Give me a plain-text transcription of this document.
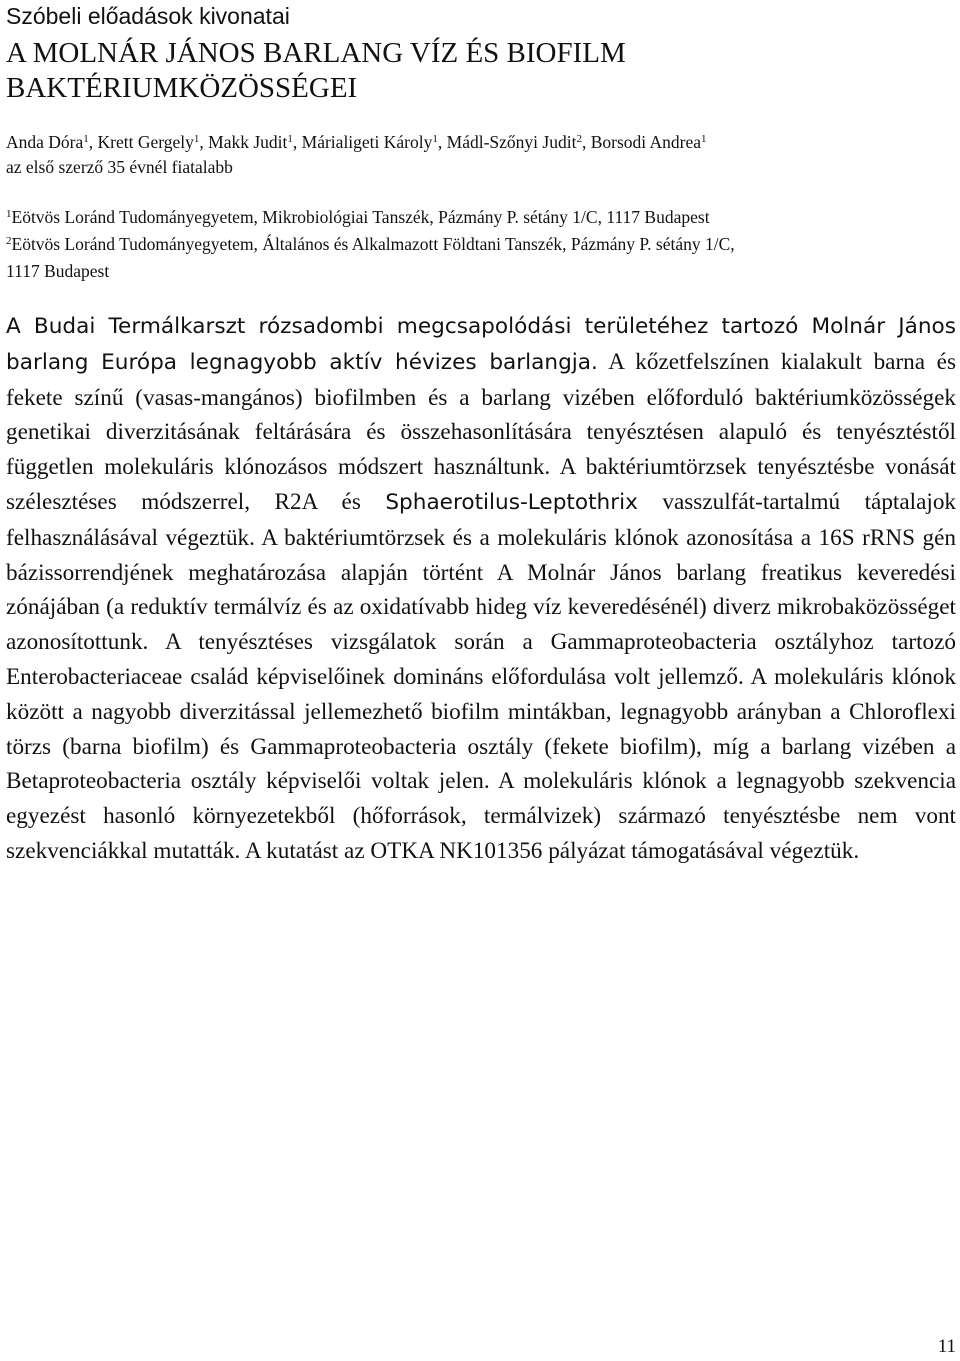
Szóbeli előadások kivonatai
A MOLNÁR JÁNOS BARLANG VÍZ ÉS BIOFILM
BAKTÉRIUMKÖZÖSSÉGEI
Anda Dóra$^1$, Krett Gergely$^1$, Makk Judit$^1$, Márialigeti Károly$^1$, Mádl-Szőnyi Judit$^2$, Borsodi Andrea$^1$
az első szerző 35 évnél fiatalabb
$^1$Eötvös Loránd Tudományegyetem, Mikrobiológiai Tanszék, Pázmány P. sétány 1/C, 1117 Budapest
$^2$Eötvös Loránd Tudományegyetem, Általános és Alkalmazott Földtani Tanszék, Pázmány P. sétány 1/C,
1117 Budapest
A Budai Termálkarszt rózsadombi megcsapolódási területéhez tartozó Molnár János barlang Európa legnagyobb aktív hévizes barlangja. A kőzetfelszínen kialakult barna és fekete színű (vasas-mangános) biofilmben és a barlang vizében előforduló baktériumközösségek genetikai diverzitásának feltárására és összehasonlítására tenyésztésen alapuló és tenyésztéstől független molekuláris klónozásos módszert használtunk. A baktériumtörzsek tenyésztésbe vonását szélesztéses módszerrel, R2A és Sphaerotilus-Leptothrix vasszulfát-tartalmú táptalajok felhasználásával végeztük. A baktériumtörzsek és a molekuláris klónok azonosítása a 16S rRNS gén bázissorrendjének meghatározása alapján történt A Molnár János barlang freatikus keveredési zónájában (a reduktív termálvíz és az oxidatívabb hideg víz keveredésénél) diverz mikrobaközösséget azonosítottunk. A tenyésztéses vizsgálatok során a Gammaproteobacteria osztályhoz tartozó Enterobacteriaceae család képviselőinek domináns előfordulása volt jellemző. A molekuláris klónok között a nagyobb diverzitással jellemezhető biofilm mintákban, legnagyobb arányban a Chloroflexi törzs (barna biofilm) és Gammaproteobacteria osztály (fekete biofilm), míg a barlang vizében a Betaproteobacteria osztály képviselői voltak jelen. A molekuláris klónok a legnagyobb szekvencia egyezést hasonló környezetekből (hőforrások, termálvizek) származó tenyésztésbe nem vont szekvenciákkal mutatták. A kutatást az OTKA NK101356 pályázat támogatásával végeztük.
11
